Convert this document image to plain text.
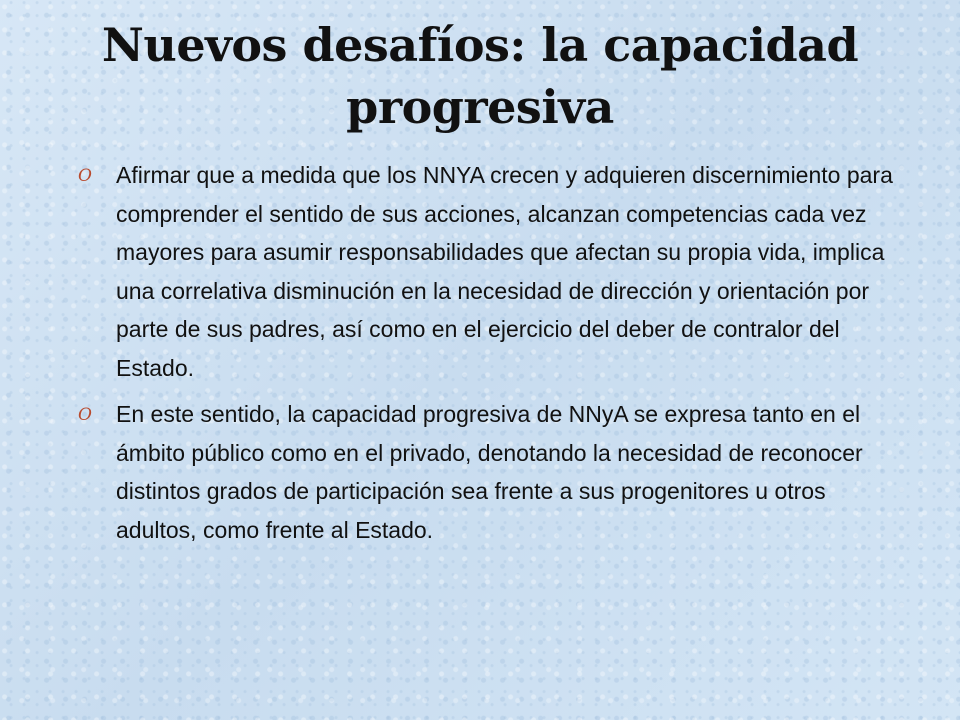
Nuevos desafíos: la capacidad progresiva
O Afirmar que a medida que los NNYA crecen y adquieren discernimiento para comprender el sentido de sus acciones, alcanzan competencias cada vez mayores para asumir responsabilidades que afectan su propia vida, implica una correlativa disminución en la necesidad de dirección y orientación por parte de sus padres, así como en el ejercicio del deber de contralor del Estado.
O En este sentido, la capacidad progresiva de NNyA se expresa tanto en el ámbito público como en el privado, denotando la necesidad de reconocer distintos grados de participación sea frente a sus progenitores u otros adultos, como frente al Estado.
